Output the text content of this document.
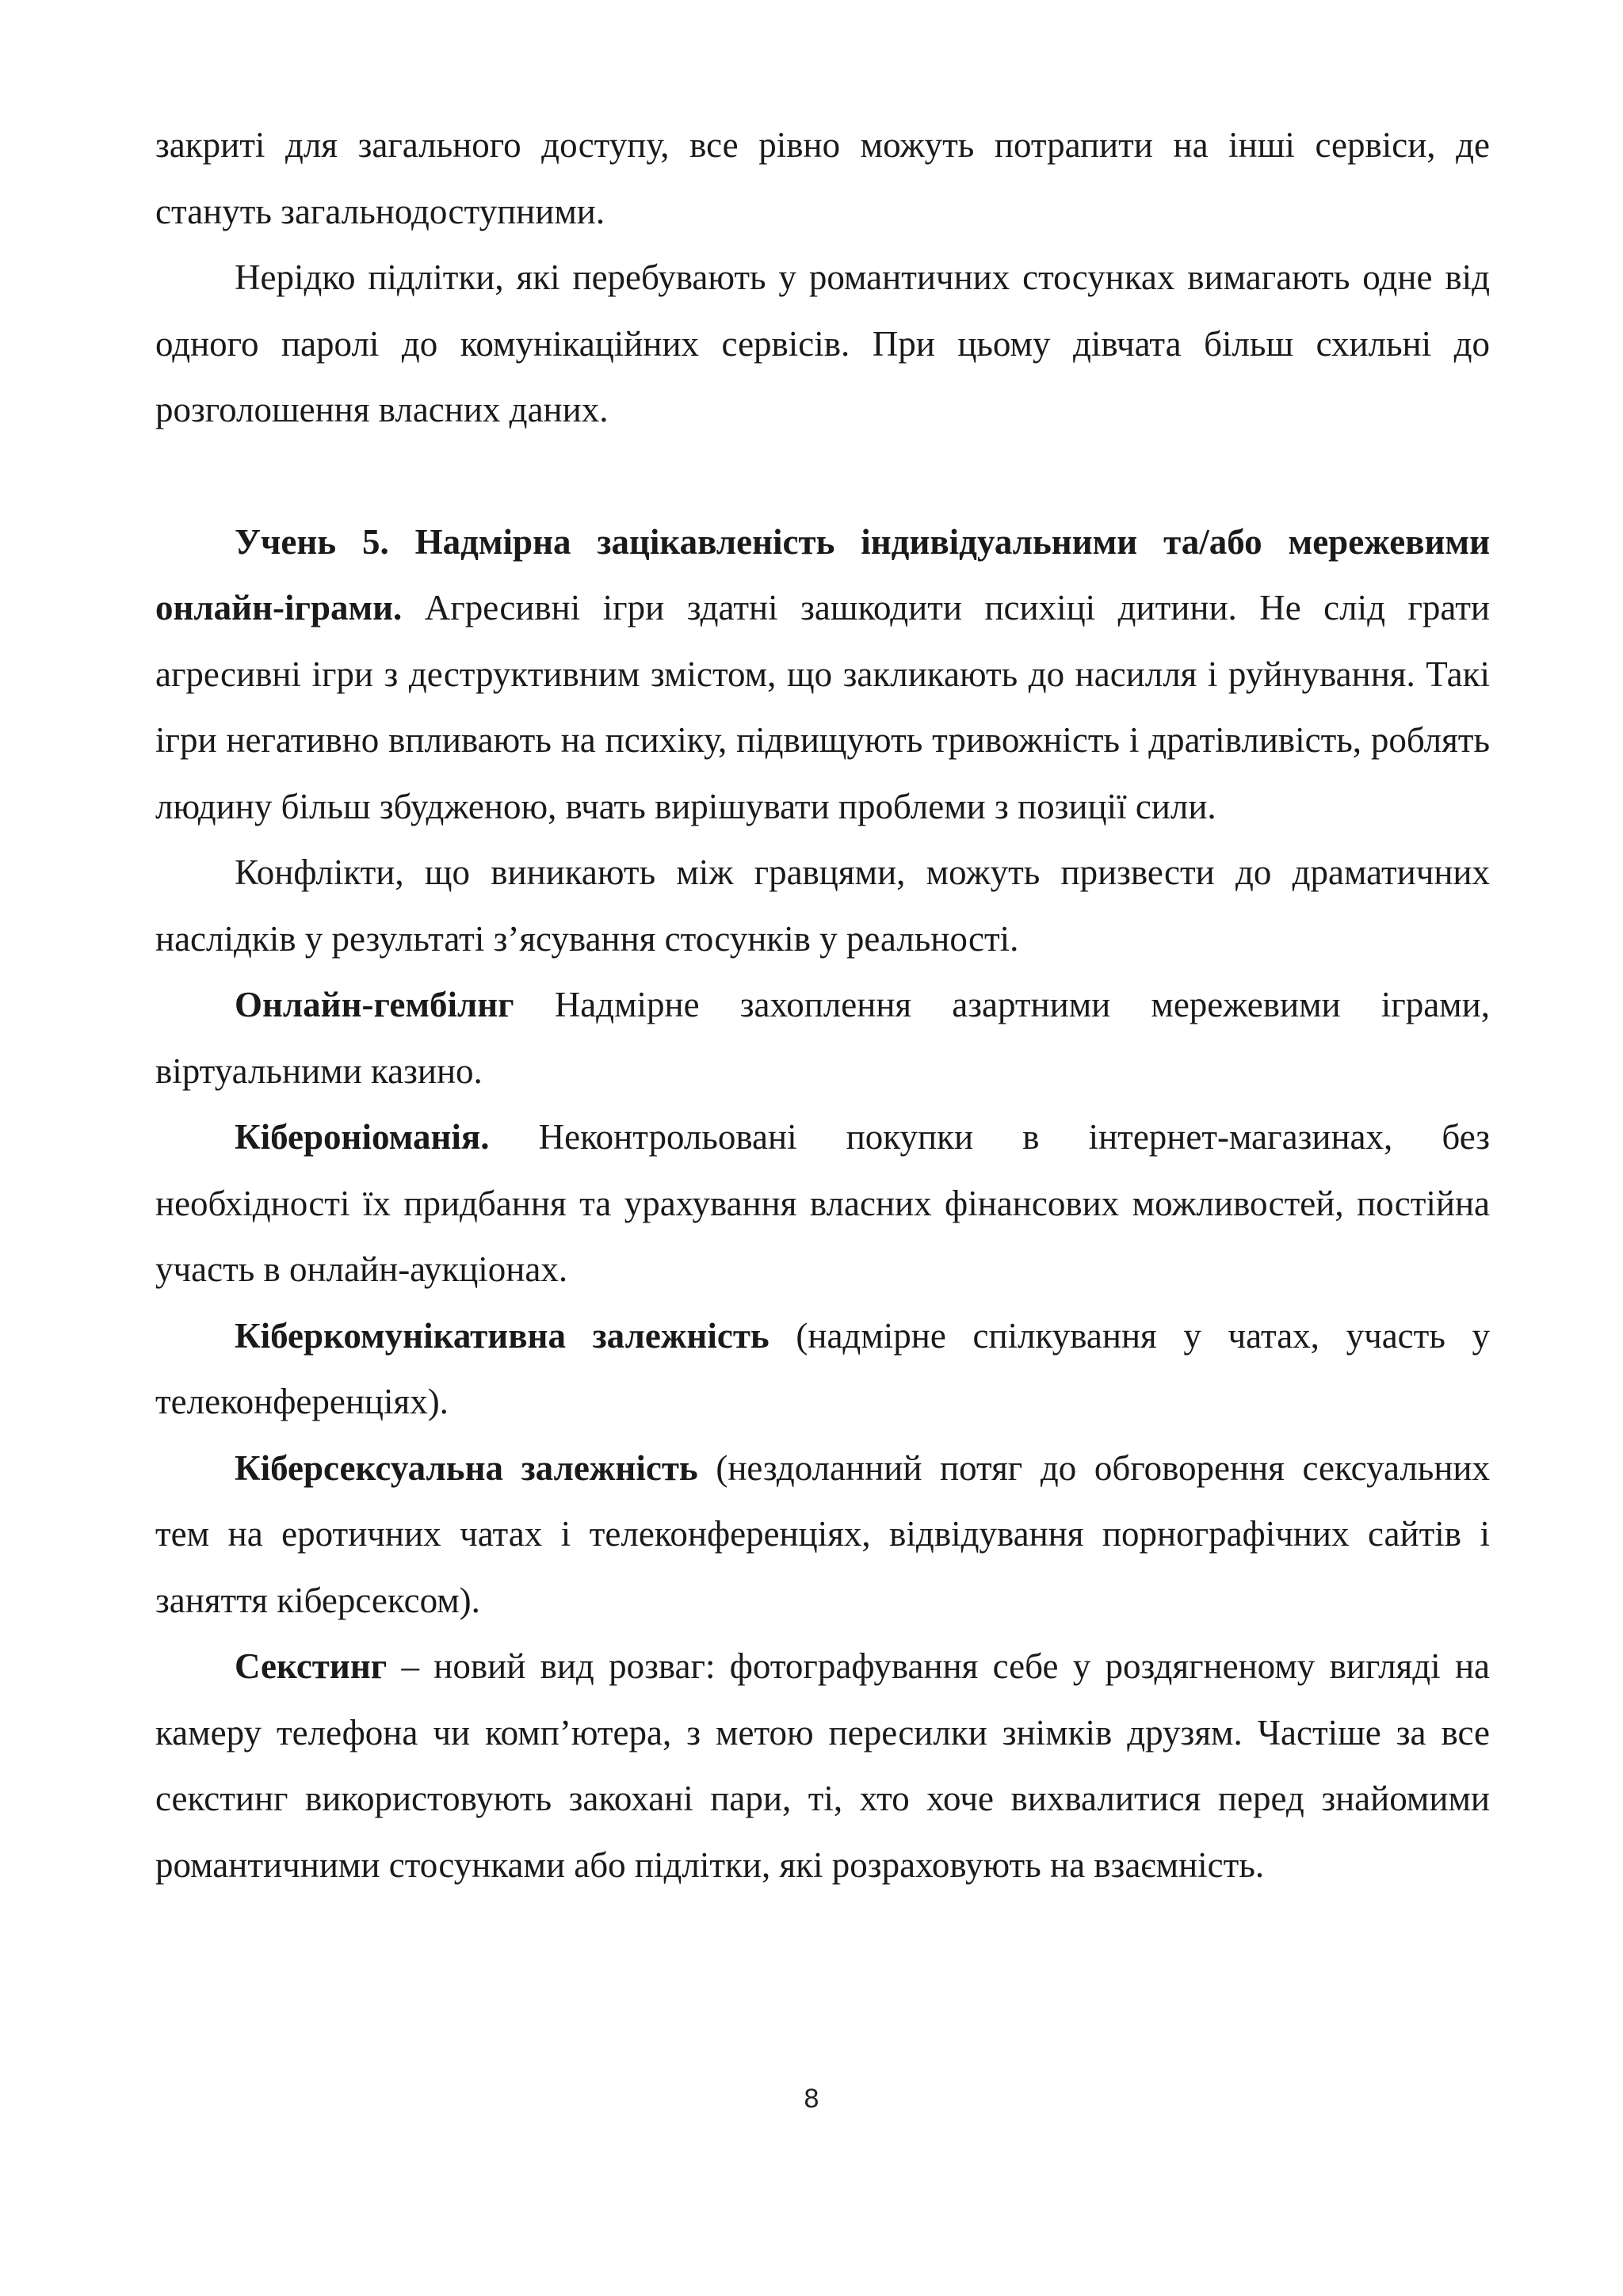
закриті для загального доступу, все рівно можуть потрапити на інші сервіси, де стануть загальнодоступними.

Нерідко підлітки, які перебувають у романтичних стосунках вимагають одне від одного паролі до комунікаційних сервісів. При цьому дівчата більш схильні до розголошення власних даних.

Учень 5. Надмірна зацікавленість індивідуальними та/або мережевими онлайн-іграми. Агресивні ігри здатні зашкодити психіці дитини. Не слід грати агресивні ігри з деструктивним змістом, що закликають до насилля і руйнування. Такі ігри негативно впливають на психіку, підвищують тривожність і дратівливість, роблять людину більш збудженою, вчать вирішувати проблеми з позиції сили.

Конфлікти, що виникають між гравцями, можуть призвести до драматичних наслідків у результаті з’ясування стосунків у реальності.

Онлайн-гембілнг Надмірне захоплення азартними мережевими іграми, віртуальними казино.

Кібероніоманія. Неконтрольовані покупки в інтернет-магазинах, без необхідності їх придбання та урахування власних фінансових можливостей, постійна участь в онлайн-аукціонах.

Кіберкомунікативна залежність (надмірне спілкування у чатах, участь у телеконференціях).

Кіберсексуальна залежність (нездоланний потяг до обговорення сексуальних тем на еротичних чатах і телеконференціях, відвідування порнографічних сайтів і заняття кіберсексом).

Секстинг – новий вид розваг: фотографування себе у роздягненому вигляді на камеру телефона чи комп’ютера, з метою пересилки знімків друзям. Частіше за все секстинг використовують закохані пари, ті, хто хоче вихвалитися перед знайомими романтичними стосунками або підлітки, які розраховують на взаємність.

8
